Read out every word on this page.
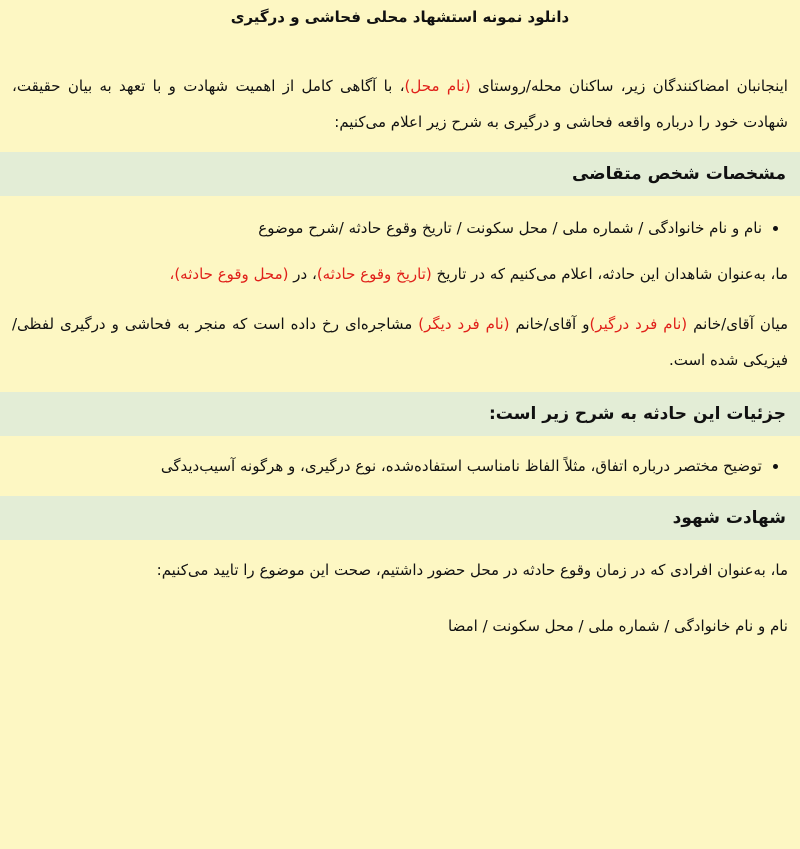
دانلود نمونه استشهاد محلی فحاشی و درگیری
اینجانبان امضاکنندگان زیر، ساکنان محله/روستای (نام محل)، با آگاهی کامل از اهمیت شهادت و با تعهد به بیان حقیقت، شهادت خود را درباره واقعه فحاشی و درگیری به شرح زیر اعلام می‌کنیم:
مشخصات شخص متقاضی
• نام و نام خانوادگی / شماره ملی / محل سکونت / تاریخ وقوع حادثه /شرح موضوع
ما، به‌عنوان شاهدان این حادثه، اعلام می‌کنیم که در تاریخ (تاریخ وقوع حادثه)، در (محل وقوع حادثه)،
میان آقای/خانم (نام فرد درگیر)و آقای/خانم (نام فرد دیگر) مشاجره‌ای رخ داده است که منجر به فحاشی و درگیری لفظی/فیزیکی شده است.
جزئیات این حادثه به شرح زیر است:
• توضیح مختصر درباره اتفاق، مثلاً الفاظ نامناسب استفاده‌شده، نوع درگیری، و هرگونه آسیب‌دیدگی
شهادت شهود
ما، به‌عنوان افرادی که در زمان وقوع حادثه در محل حضور داشتیم، صحت این موضوع را تایید می‌کنیم:
نام و نام خانوادگی / شماره ملی / محل سکونت / امضا
